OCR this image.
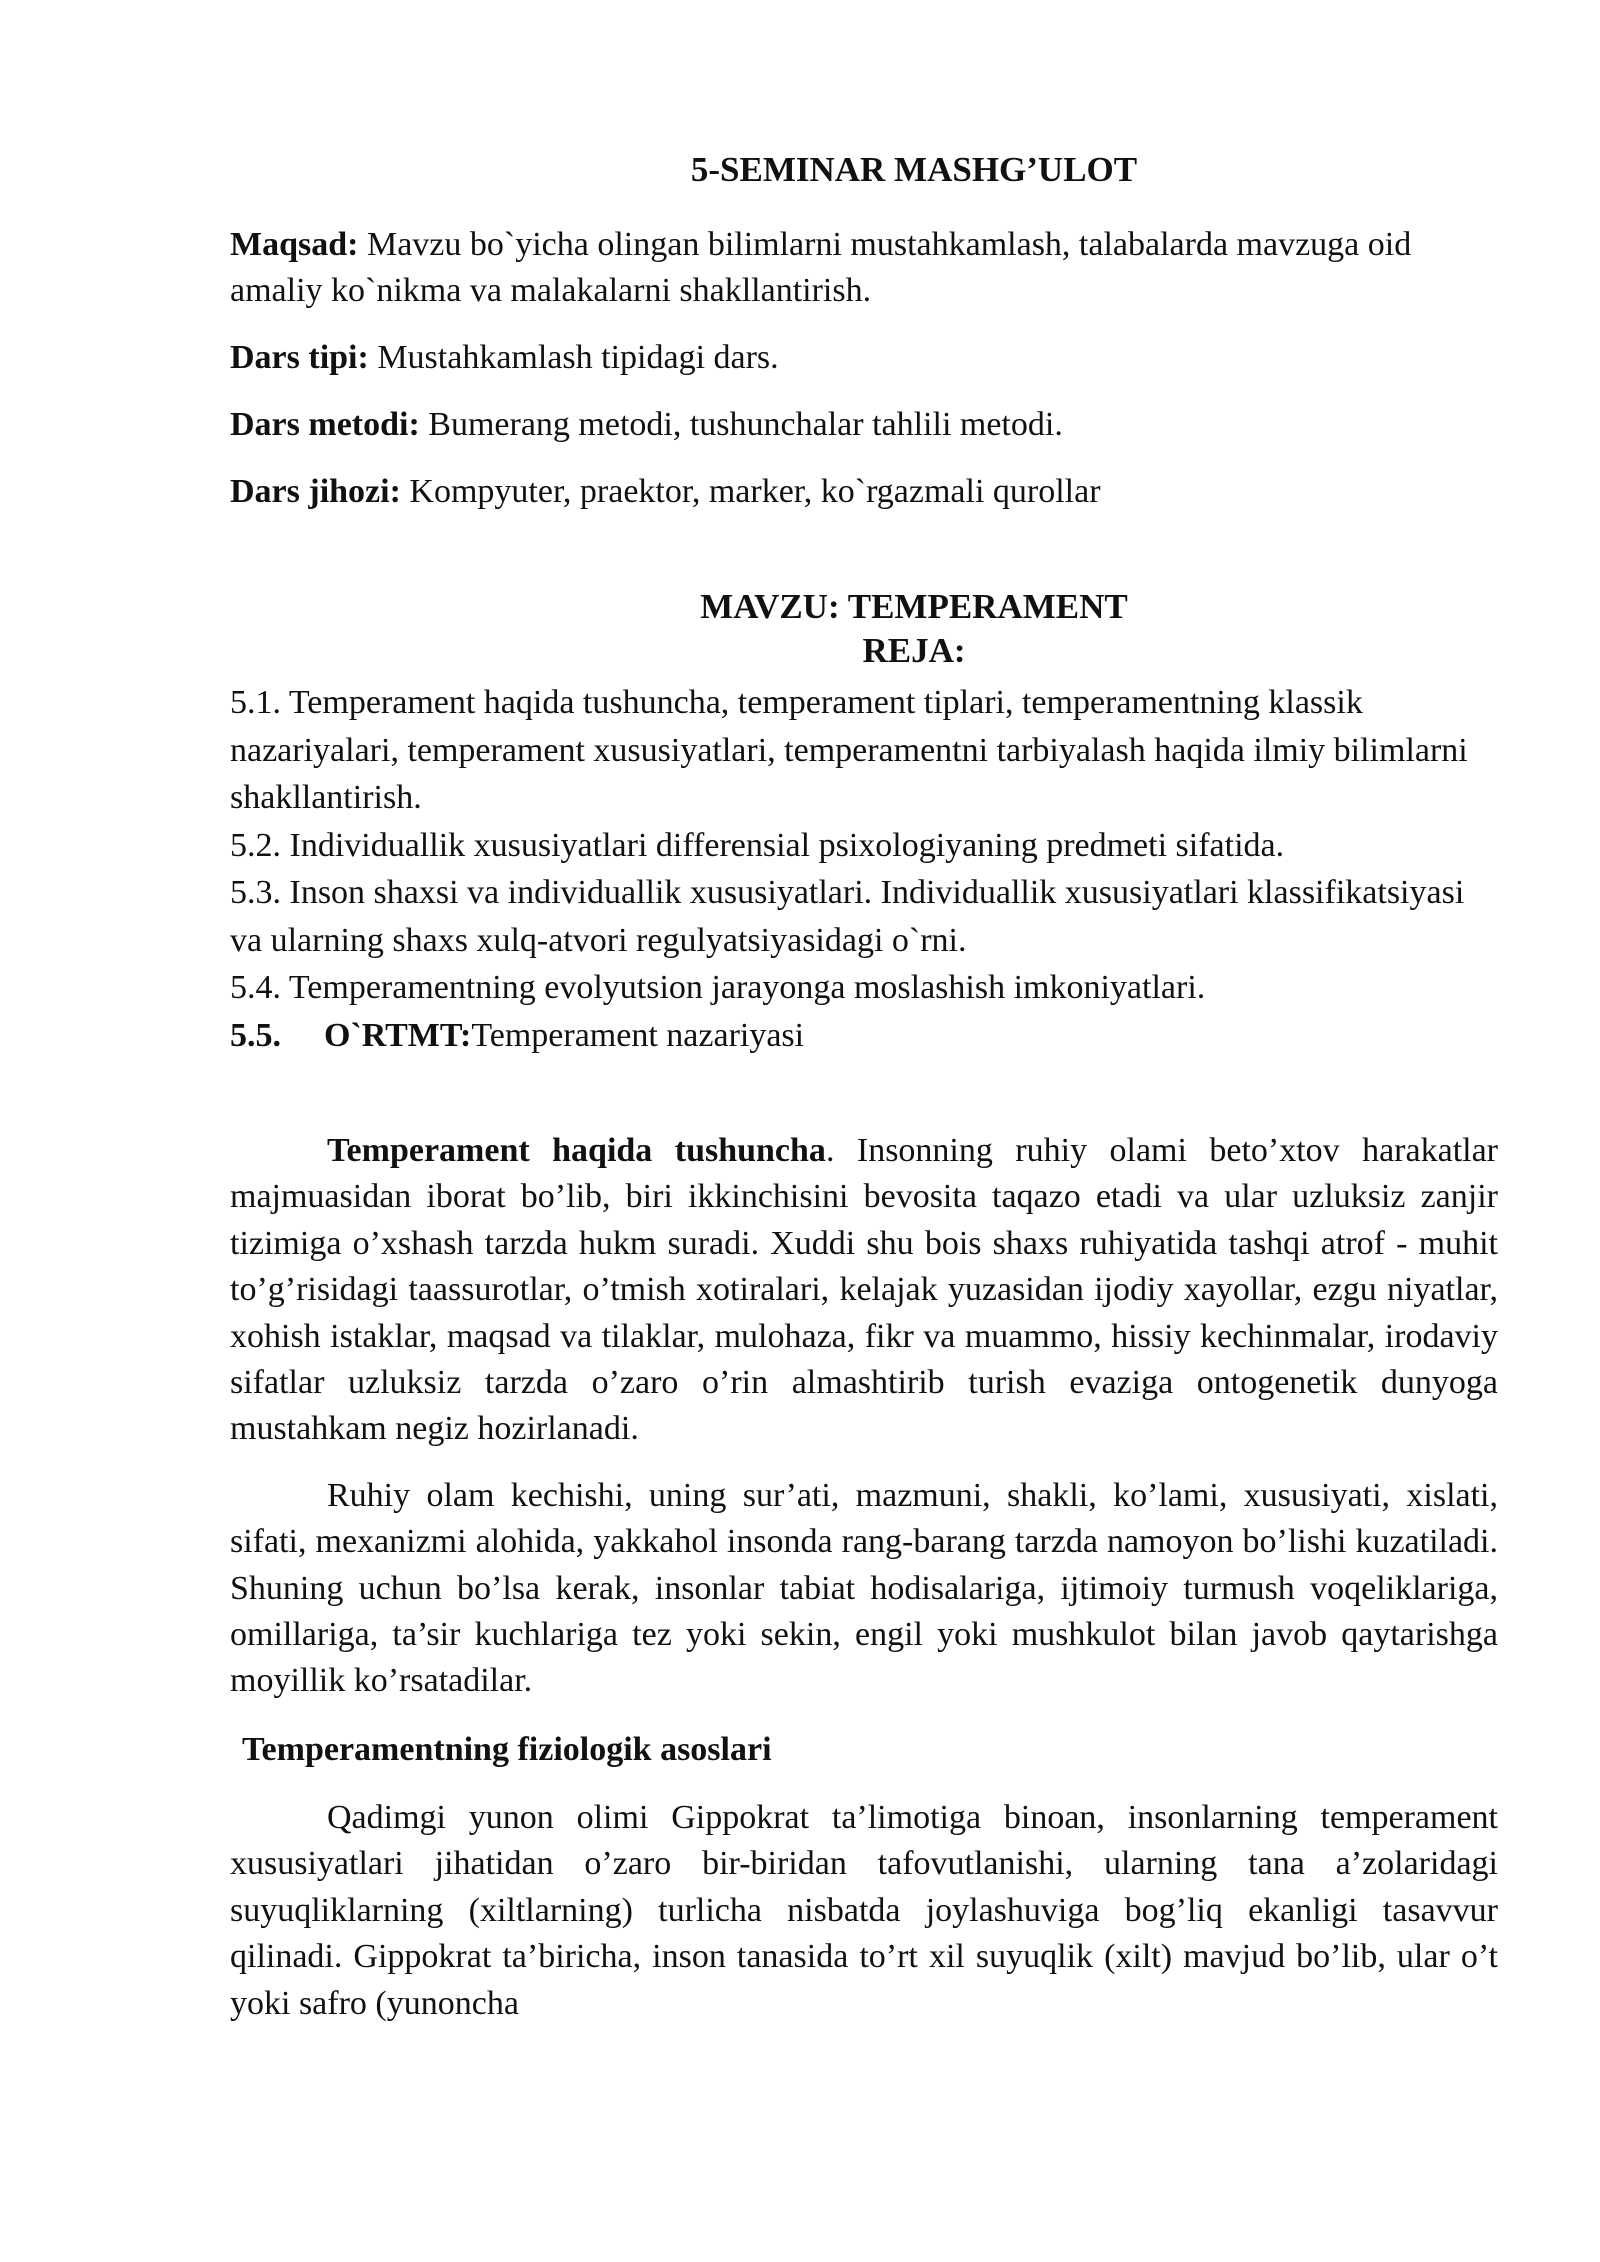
5-SEMINAR MASHG’ULOT

Maqsad: Mavzu bo`yicha olingan bilimlarni mustahkamlash, talabalarda mavzuga oid amaliy ko`nikma va malakalarni shakllantirish.

Dars tipi: Mustahkamlash tipidagi dars.

Dars metodi: Bumerang metodi, tushunchalar tahlili metodi.

Dars jihozi: Kompyuter, praektor, marker, ko`rgazmali qurollar

MAVZU: TEMPERAMENT
REJA:
5.1. Temperament haqida tushuncha, temperament tiplari, temperamentning klassik nazariyalari, temperament xususiyatlari, temperamentni tarbiyalash haqida ilmiy bilimlarni shakllantirish.
5.2. Individuallik xususiyatlari differensial psixologiyaning predmeti sifatida.
5.3. Inson shaxsi va individuallik xususiyatlari. Individuallik xususiyatlari klassifikatsiyasi va ularning shaxs xulq-atvori regulyatsiyasidagi o`rni.
5.4. Temperamentning evolyutsion jarayonga moslashish imkoniyatlari.
5.5. O`RTMT:Temperament nazariyasi

Temperament haqida tushuncha. Insonning ruhiy olami beto’xtov harakatlar majmuasidan iborat bo’lib, biri ikkinchisini bevosita taqazo etadi va ular uzluksiz zanjir tizimiga o’xshash tarzda hukm suradi. Xuddi shu bois shaxs ruhiyatida tashqi atrof - muhit to’g’risidagi taassurotlar, o’tmish xotiralari, kelajak yuzasidan ijodiy xayollar, ezgu niyatlar, xohish istaklar, maqsad va tilaklar, mulohaza, fikr va muammo, hissiy kechinmalar, irodaviy sifatlar uzluksiz tarzda o’zaro o’rin almashtirib turish evaziga ontogenetik dunyoga mustahkam negiz hozirlanadi.

Ruhiy olam kechishi, uning sur’ati, mazmuni, shakli, ko’lami, xususiyati, xislati, sifati, mexanizmi alohida, yakkahol insonda rang-barang tarzda namoyon bo’lishi kuzatiladi. Shuning uchun bo’lsa kerak, insonlar tabiat hodisalariga, ijtimoiy turmush voqeliklariga, omillariga, ta’sir kuchlariga tez yoki sekin, engil yoki mushkulot bilan javob qaytarishga moyillik ko’rsatadilar.

Temperamentning fiziologik asoslari

Qadimgi yunon olimi Gippokrat ta’limotiga binoan, insonlarning temperament xususiyatlari jihatidan o’zaro bir-biridan tafovutlanishi, ularning tana a’zolaridagi suyuqliklarning (xiltlarning) turlicha nisbatda joylashuviga bog’liq ekanligi tasavvur qilinadi. Gippokrat ta’biricha, inson tanasida to’rt xil suyuqlik (xilt) mavjud bo’lib, ular o’t yoki safro (yunoncha
